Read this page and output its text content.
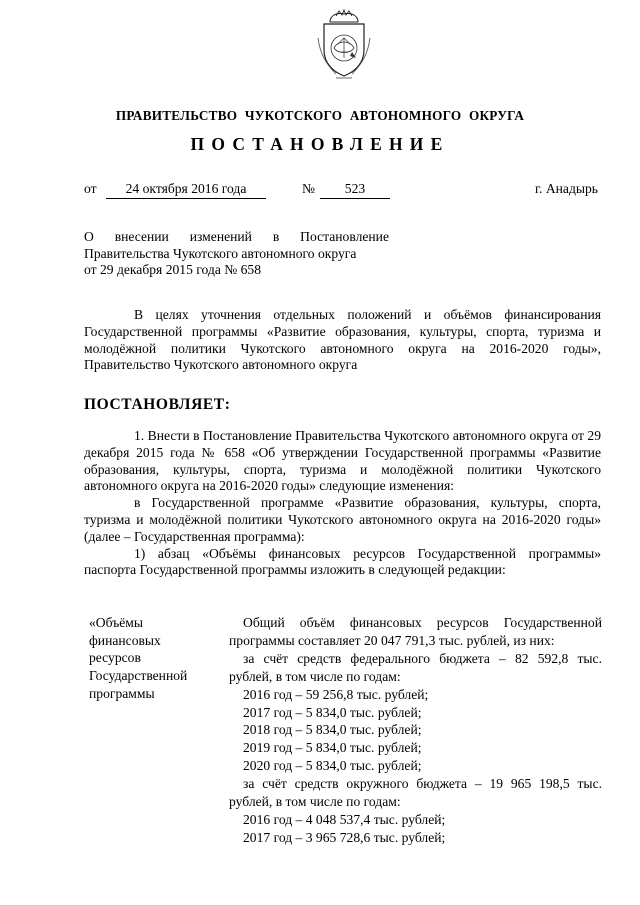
ПРАВИТЕЛЬСТВО ЧУКОТСКОГО АВТОНОМНОГО ОКРУГА
ПОСТАНОВЛЕНИЕ
от	24 октября 2016 года	№	523	г. Анадырь
О внесении изменений в Постановление
Правительства Чукотского автономного округа
от 29 декабря 2015 года № 658

В целях уточнения отдельных положений и объёмов финансирования Государственной программы «Развитие образования, культуры, спорта, туризма и молодёжной политики Чукотского автономного округа на 2016-2020 годы», Правительство Чукотского автономного округа

ПОСТАНОВЛЯЕТ:

1. Внести в Постановление Правительства Чукотского автономного округа от 29 декабря 2015 года № 658 «Об утверждении Государственной программы «Развитие образования, культуры, спорта, туризма и молодёжной политики Чукотского автономного округа на 2016-2020 годы» следующие изменения:

в Государственной программе «Развитие образования, культуры, спорта, туризма и молодёжной политики Чукотского автономного округа на 2016-2020 годы» (далее – Государственная программа):

1) абзац «Объёмы финансовых ресурсов Государственной программы» паспорта Государственной программы изложить в следующей редакции:

«Объёмы
финансовых
ресурсов
Государственной
программы

Общий объём финансовых ресурсов Государственной программы составляет 20 047 791,3 тыс. рублей, из них:

за счёт средств федерального бюджета – 82 592,8 тыс. рублей, в том числе по годам:

2016 год – 59 256,8 тыс. рублей;

2017 год – 5 834,0 тыс. рублей;

2018 год – 5 834,0 тыс. рублей;

2019 год – 5 834,0 тыс. рублей;

2020 год – 5 834,0 тыс. рублей;

за счёт средств окружного бюджета – 19 965 198,5 тыс. рублей, в том числе по годам:

2016 год – 4 048 537,4 тыс. рублей;

2017 год – 3 965 728,6 тыс. рублей;
